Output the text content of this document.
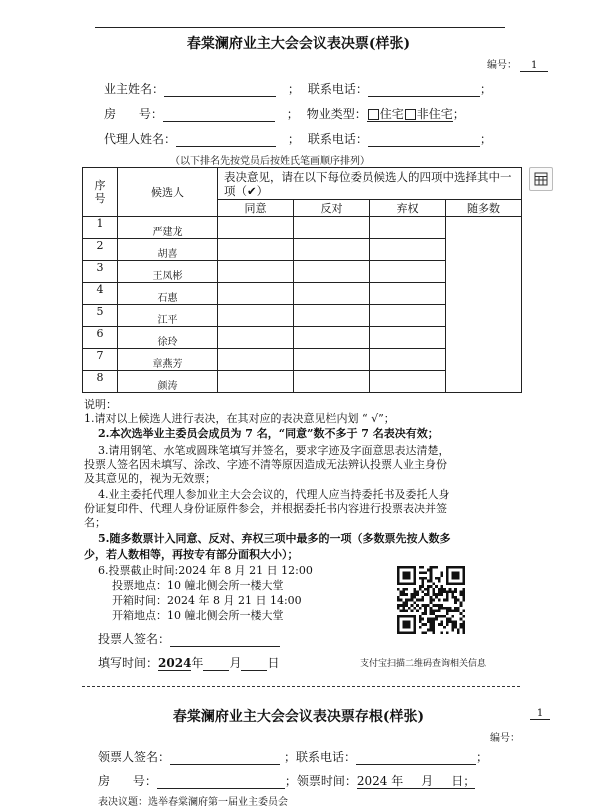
春棠澜府业主大会会议表决票(样张)
编号： 1
业主姓名：	； 联系电话：	；
房      号：	； 物业类型： 住宅 非住宅；
代理人姓名：	； 联系电话：	；
（以下排名先按党员后按姓氏笔画顺序排列）
序号	候选人	表决意见，请在以下每位委员候选人的四项中选择其中一项（✔）			
		同意	反对	弃权	随多数
1	严建龙				
2	胡喜				
3	王凤彬				
4	石惠				
5	江平				
6	徐玲				
7	章燕芳				
8	颜涛				
说明：
1.请对以上候选人进行表决，在其对应的表决意见栏内划 “ √”；
2.本次选举业主委员会成员为 7 名，“同意”数不多于 7 名表决有效；
3.请用钢笔、水笔或圆珠笔填写并签名，要求字迹及字面意思表达清楚，
投票人签名因未填写、涂改、字迹不清等原因造成无法辨认投票人业主身份
及其意见的，视为无效票；
4.业主委托代理人参加业主大会会议的，代理人应当持委托书及委托人身
份证复印件、代理人身份证原件参会，并根据委托书内容进行投票表决并签
名；
5.随多数票计入同意、反对、弃权三项中最多的一项（多数票先按人数多
少，若人数相等，再按专有部分面积大小）；
6.投票截止时间:2024 年 8 月 21 日 12:00
投票地点：10 幢北侧会所一楼大堂
开箱时间：2024 年 8 月 21 日 14:00
开箱地点：10 幢北侧会所一楼大堂
投票人签名：
填写时间：2024年 月 日	支付宝扫描二维码查询相关信息
春棠澜府业主大会会议表决票存根(样张)	1
编号：
领票人签名：	；联系电话：	；
房      号：	；领票时间：2024 年 月 日；
表决议题：选举春棠澜府第一届业主委员会
